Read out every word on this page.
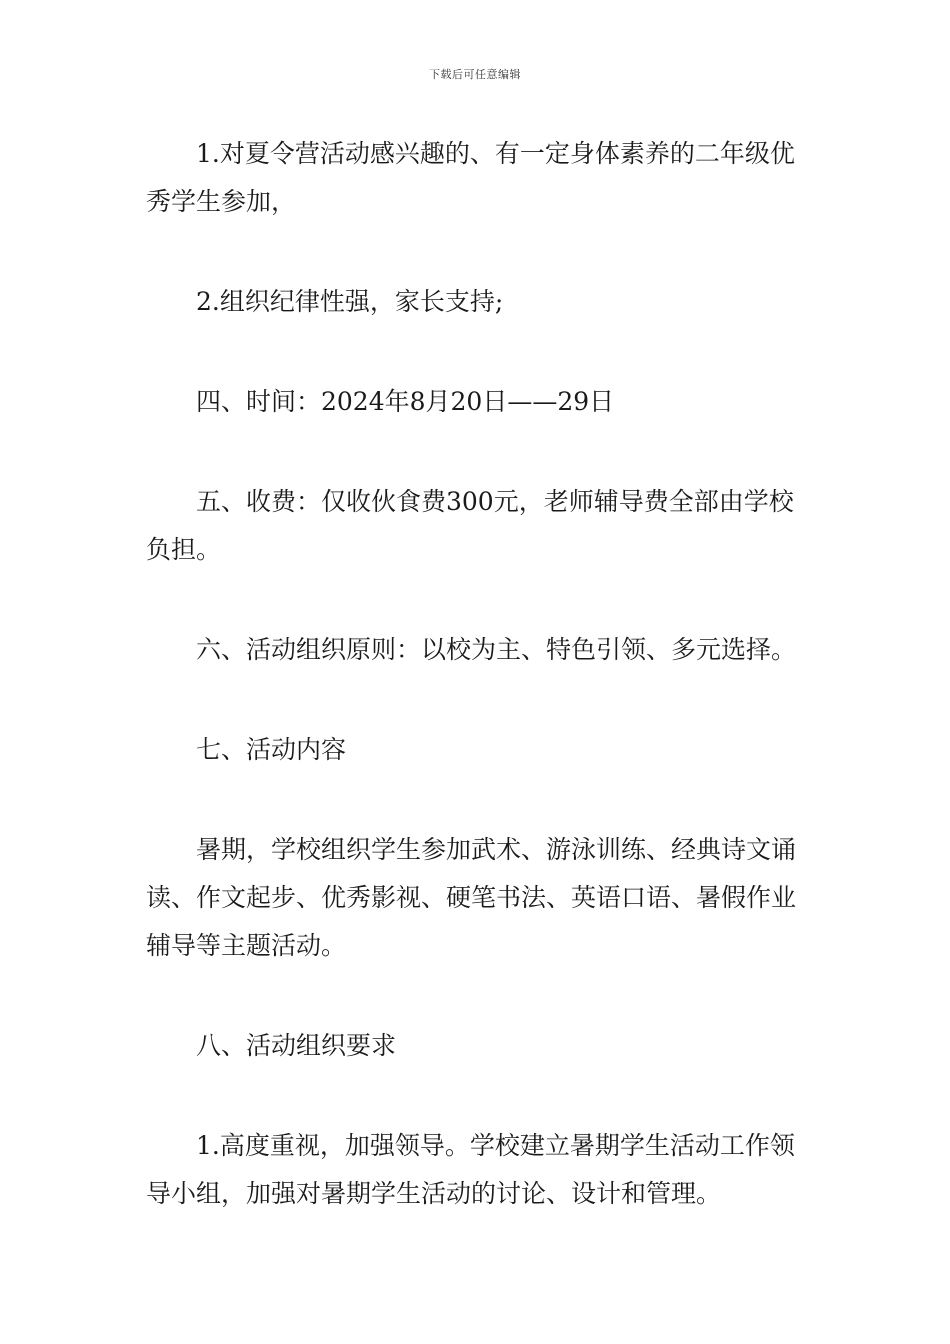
下载后可任意编辑

1.对夏令营活动感兴趣的、有一定身体素养的二年级优秀学生参加，

2.组织纪律性强，家长支持;

四、时间：2024年8月20日——29日

五、收费：仅收伙食费300元，老师辅导费全部由学校负担。

六、活动组织原则：以校为主、特色引领、多元选择。

七、活动内容

暑期，学校组织学生参加武术、游泳训练、经典诗文诵读、作文起步、优秀影视、硬笔书法、英语口语、暑假作业辅导等主题活动。

八、活动组织要求

1.高度重视，加强领导。学校建立暑期学生活动工作领导小组，加强对暑期学生活动的讨论、设计和管理。
